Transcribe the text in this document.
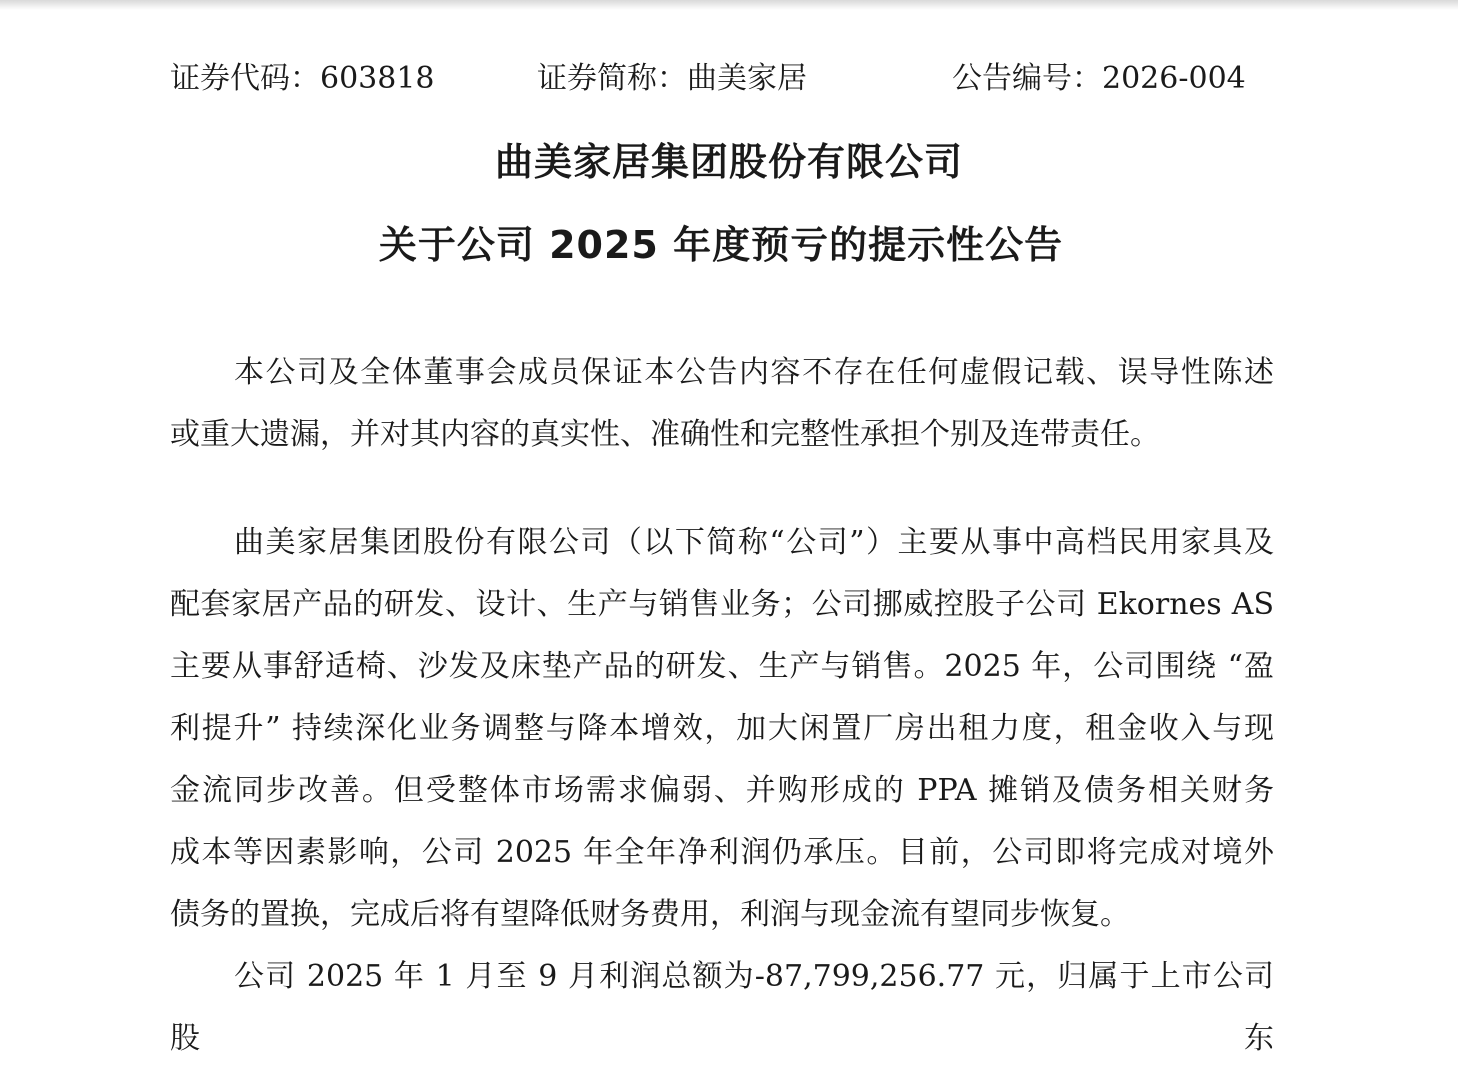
证券代码：603818	证券简称：曲美家居	公告编号：2026-004
曲美家居集团股份有限公司
关于公司 2025 年度预亏的提示性公告
本公司及全体董事会成员保证本公告内容不存在任何虚假记载、误导性陈述
或重大遗漏，并对其内容的真实性、准确性和完整性承担个别及连带责任。
曲美家居集团股份有限公司（以下简称“公司”）主要从事中高档民用家具及
配套家居产品的研发、设计、生产与销售业务；公司挪威控股子公司 Ekornes AS
主要从事舒适椅、沙发及床垫产品的研发、生产与销售。2025 年，公司围绕 “盈
利提升” 持续深化业务调整与降本增效，加大闲置厂房出租力度，租金收入与现
金流同步改善。但受整体市场需求偏弱、并购形成的 PPA 摊销及债务相关财务
成本等因素影响，公司 2025 年全年净利润仍承压。目前，公司即将完成对境外
债务的置换，完成后将有望降低财务费用，利润与现金流有望同步恢复。
公司 2025 年 1 月至 9 月利润总额为-87,799,256.77 元，归属于上市公司股东
